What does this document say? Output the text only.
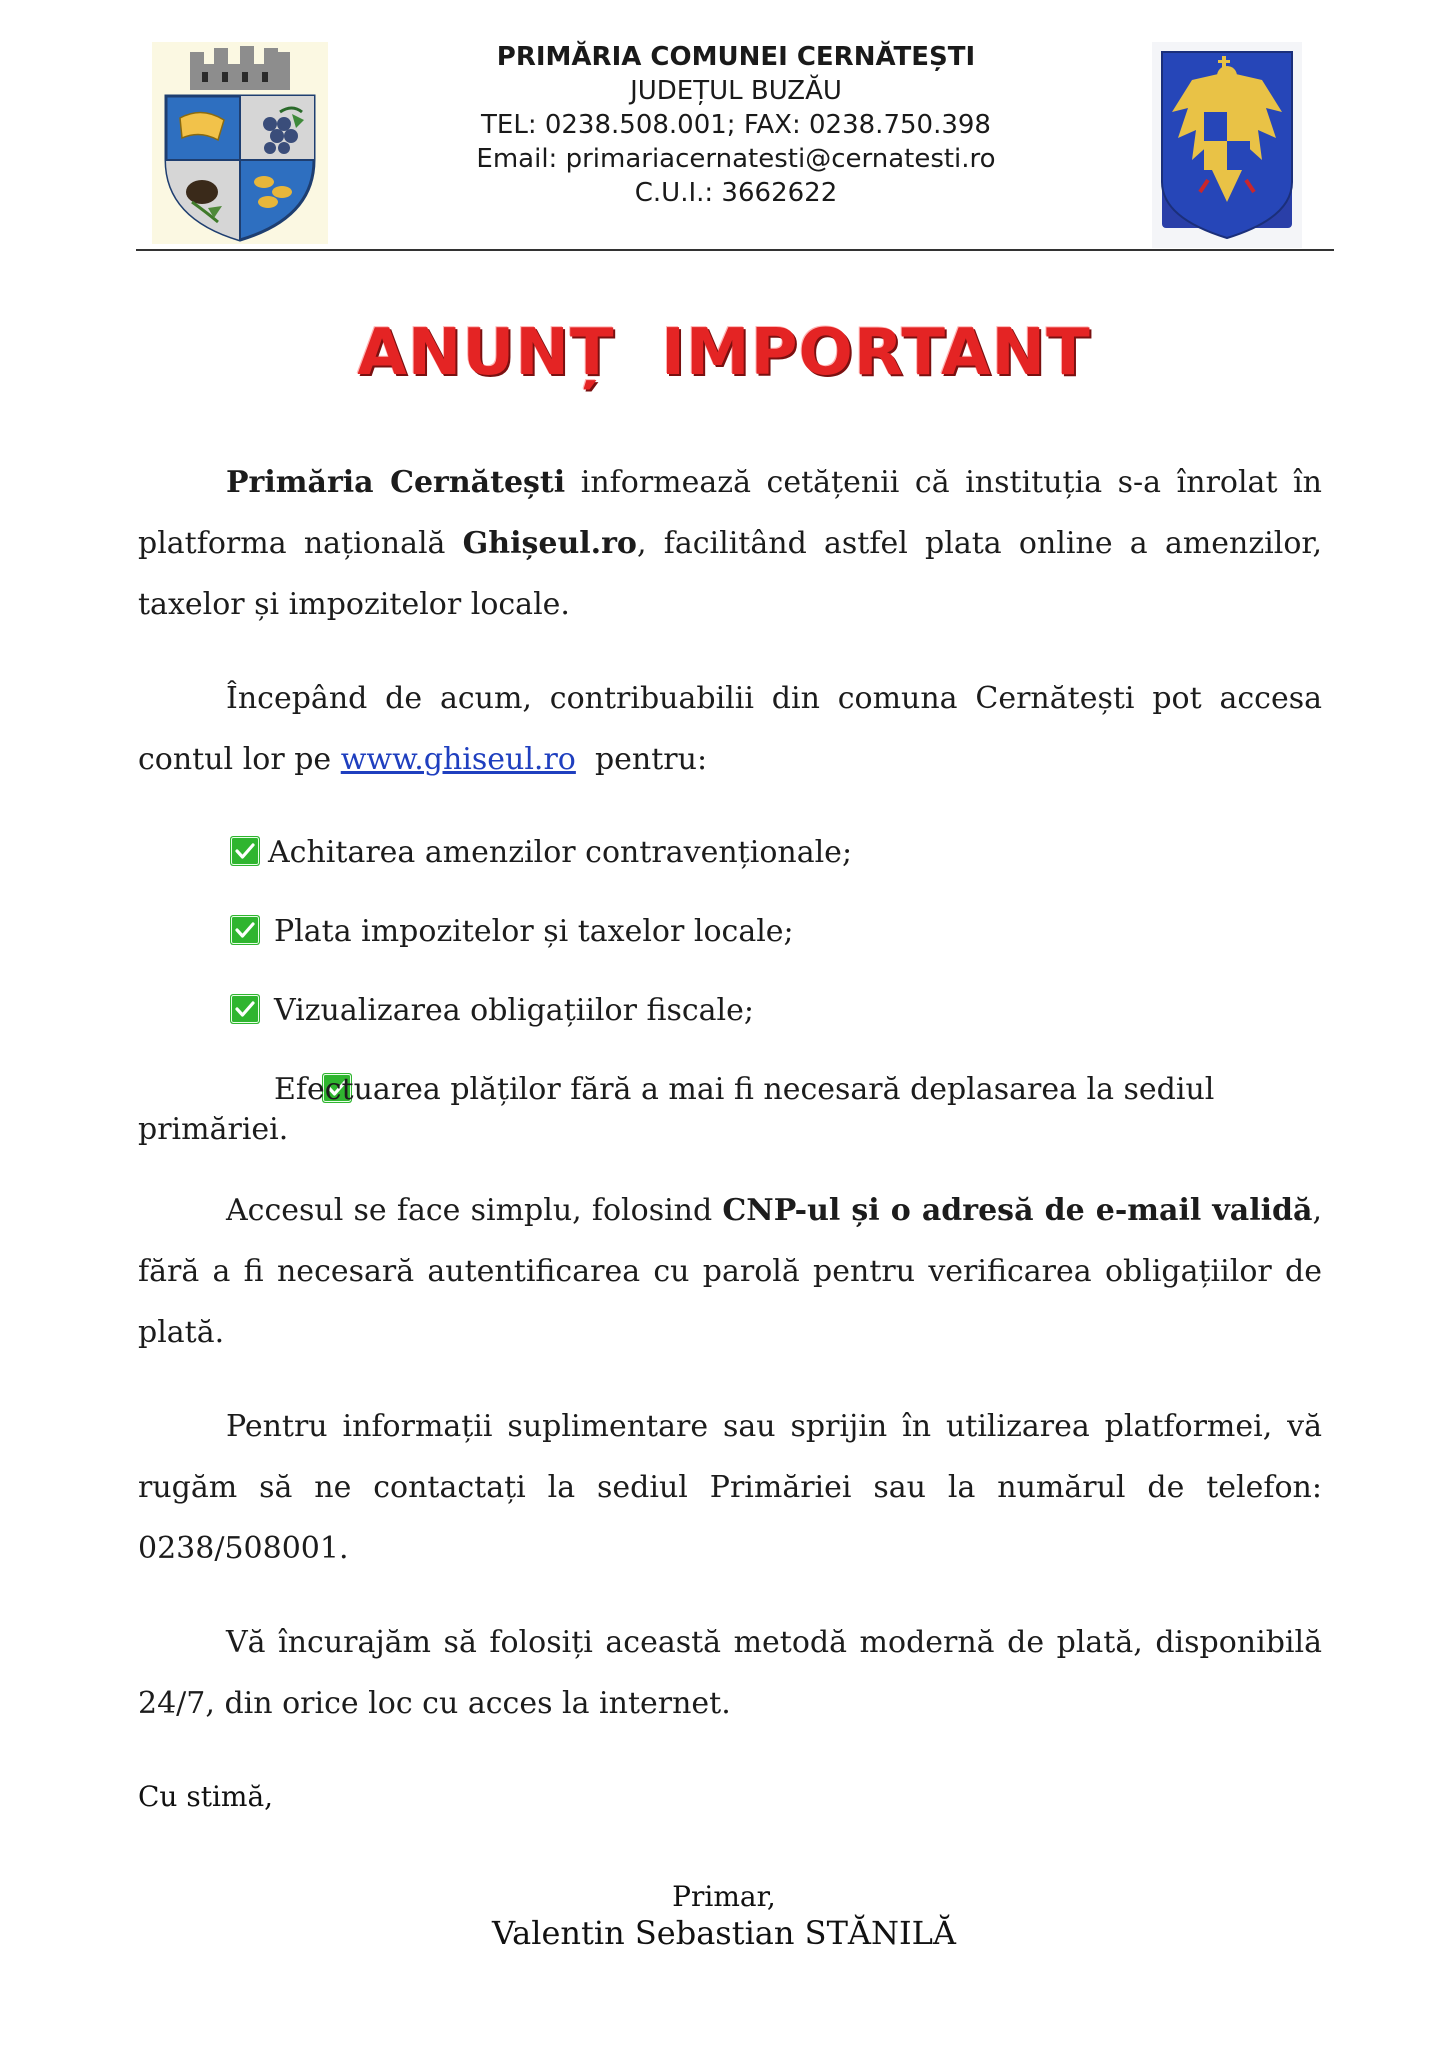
PRIMĂRIA COMUNEI CERNĂTEȘTI
JUDEȚUL BUZĂU
TEL: 0238.508.001; FAX: 0238.750.398
Email: primariacernatesti@cernatesti.ro
C.U.I.: 3662622
ANUNȚ  IMPORTANT

Primăria Cernătești informează cetățenii că instituția s-a înrolat în platforma națională Ghișeul.ro, facilitând astfel plata online a amenzilor, taxelor și impozitelor locale.

Începând de acum, contribuabilii din comuna Cernătești pot accesa contul lor pe www.ghiseul.ro  pentru:

Achitarea amenzilor contravenționale;
Plata impozitelor și taxelor locale;
Vizualizarea obligațiilor fiscale;
Efectuarea plăților fără a mai fi necesară deplasarea la sediul primăriei.

Accesul se face simplu, folosind CNP-ul și o adresă de e-mail validă, fără a fi necesară autentificarea cu parolă pentru verificarea obligațiilor de plată.

Pentru informații suplimentare sau sprijin în utilizarea platformei, vă rugăm să ne contactați la sediul Primăriei sau la numărul de telefon: 0238/508001.

Vă încurajăm să folosiți această metodă modernă de plată, disponibilă 24/7, din orice loc cu acces la internet.

Cu stimă,
Primar,
Valentin Sebastian STĂNILĂ
